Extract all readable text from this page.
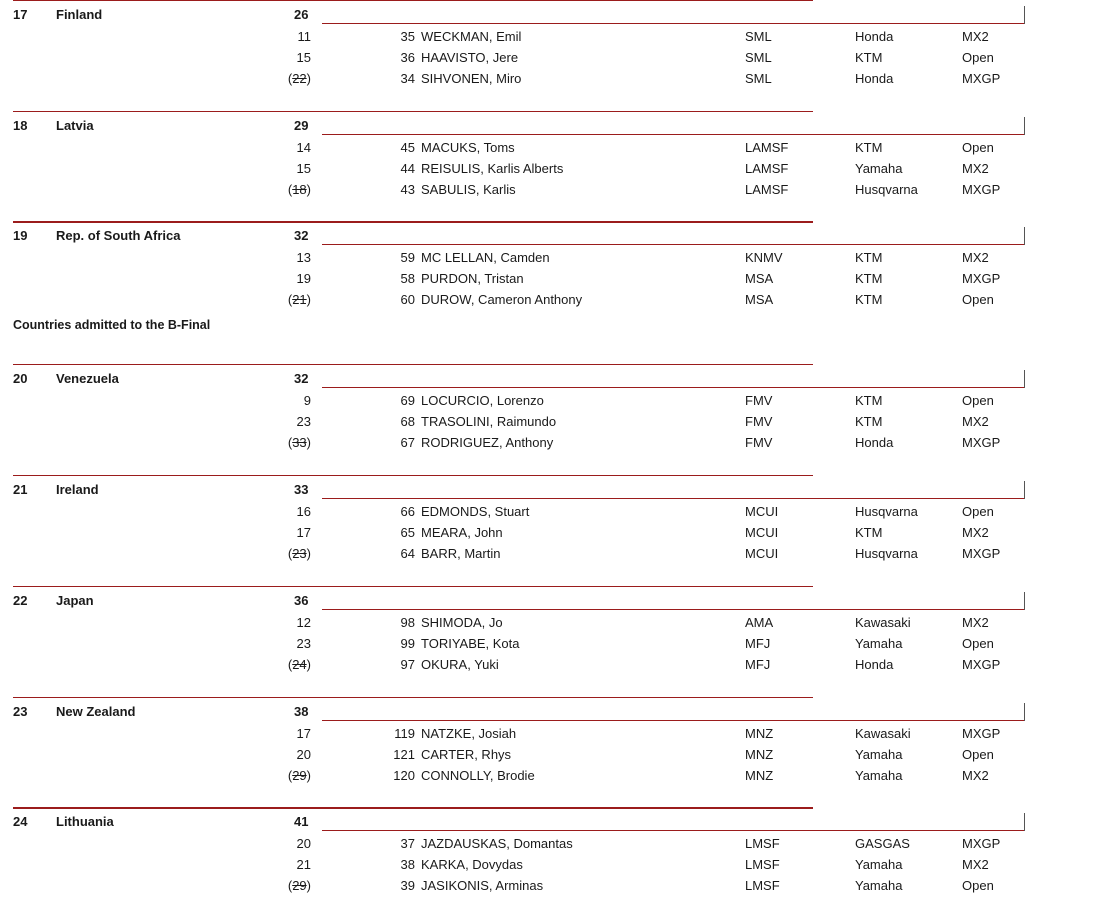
17 Finland	26
11	35 WECKMAN, Emil	SML	Honda	MX2
15	36 HAAVISTO, Jere	SML	KTM	Open
(22)	34 SIHVONEN, Miro	SML	Honda	MXGP
18 Latvia	29
14	45 MACUKS, Toms	LAMSF	KTM	Open
15	44 REISULIS, Karlis Alberts	LAMSF	Yamaha	MX2
(18)	43 SABULIS, Karlis	LAMSF	Husqvarna	MXGP
19 Rep. of South Africa	32
13	59 MC LELLAN, Camden	KNMV	KTM	MX2
19	58 PURDON, Tristan	MSA	KTM	MXGP
(21)	60 DUROW, Cameron Anthony	MSA	KTM	Open
20 Venezuela	32
9	69 LOCURCIO, Lorenzo	FMV	KTM	Open
23	68 TRASOLINI, Raimundo	FMV	KTM	MX2
(33)	67 RODRIGUEZ, Anthony	FMV	Honda	MXGP
21 Ireland	33
16	66 EDMONDS, Stuart	MCUI	Husqvarna	Open
17	65 MEARA, John	MCUI	KTM	MX2
(23)	64 BARR, Martin	MCUI	Husqvarna	MXGP
22 Japan	36
12	98 SHIMODA, Jo	AMA	Kawasaki	MX2
23	99 TORIYABE, Kota	MFJ	Yamaha	Open
(24)	97 OKURA, Yuki	MFJ	Honda	MXGP
23 New Zealand	38
17	119 NATZKE, Josiah	MNZ	Kawasaki	MXGP
20	121 CARTER, Rhys	MNZ	Yamaha	Open
(29)	120 CONNOLLY, Brodie	MNZ	Yamaha	MX2
24 Lithuania	41
20	37 JAZDAUSKAS, Domantas	LMSF	GASGAS	MXGP
21	38 KARKA, Dovydas	LMSF	Yamaha	MX2
(29)	39 JASIKONIS, Arminas	LMSF	Yamaha	Open
Countries admitted to the B-Final
